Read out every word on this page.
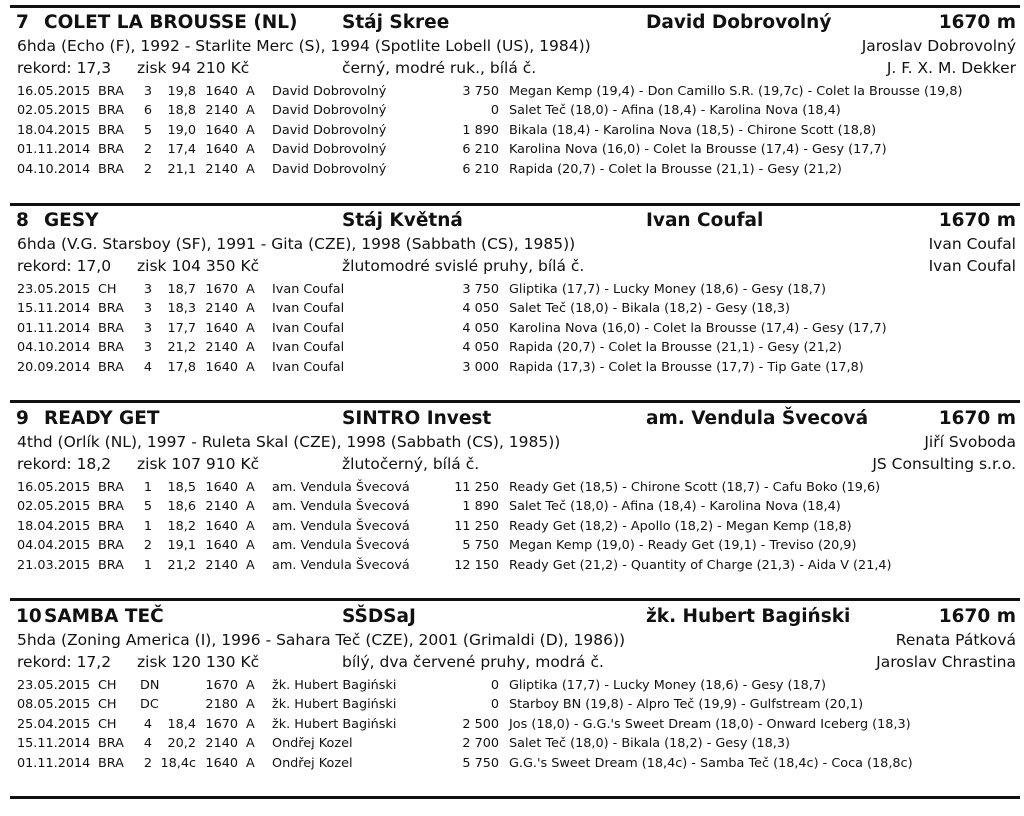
7 COLET LA BROUSSE (NL) Stáj Skree	David Dobrovolný	1670 m
6hda (Echo (F), 1992 - Starlite Merc (S), 1994 (Spotlite Lobell (US), 1984))	Jaroslav Dobrovolný
rekord: 17,3 zisk 94 210 Kč	černý, modré ruk., bílá č.	J. F. X. M. Dekker
16.05.2015 BRA	3	19,8 1640 A David Dobrovolný	3 750 Megan Kemp (19,4) - Don Camillo S.R. (19,7c) - Colet la Brousse (19,8)
02.05.2015 BRA	6	18,8 2140 A David Dobrovolný	0 Salet Teč (18,0) - Afina (18,4) - Karolina Nova (18,4)
18.04.2015 BRA	5	19,0 1640 A David Dobrovolný	1 890 Bikala (18,4) - Karolina Nova (18,5) - Chirone Scott (18,8)
01.11.2014 BRA	2	17,4 1640 A David Dobrovolný	6 210 Karolina Nova (16,0) - Colet la Brousse (17,4) - Gesy (17,7)
04.10.2014 BRA	2	21,1 2140 A David Dobrovolný	6 210 Rapida (20,7) - Colet la Brousse (21,1) - Gesy (21,2)
8 GESY	Stáj Květná	Ivan Coufal	1670 m
6hda (V.G. Starsboy (SF), 1991 - Gita (CZE), 1998 (Sabbath (CS), 1985))	Ivan Coufal
rekord: 17,0 zisk 104 350 Kč	žlutomodré svislé pruhy, bílá č.	Ivan Coufal
23.05.2015 CH	3	18,7 1670 A Ivan Coufal	3 750 Gliptika (17,7) - Lucky Money (18,6) - Gesy (18,7)
15.11.2014 BRA	3	18,3 2140 A Ivan Coufal	4 050 Salet Teč (18,0) - Bikala (18,2) - Gesy (18,3)
01.11.2014 BRA	3	17,7 1640 A Ivan Coufal	4 050 Karolina Nova (16,0) - Colet la Brousse (17,4) - Gesy (17,7)
04.10.2014 BRA	3	21,2 2140 A Ivan Coufal	4 050 Rapida (20,7) - Colet la Brousse (21,1) - Gesy (21,2)
20.09.2014 BRA	4	17,8 1640 A Ivan Coufal	3 000 Rapida (17,3) - Colet la Brousse (17,7) - Tip Gate (17,8)
9 READY GET	SINTRO Invest	am. Vendula Švecová	1670 m
4thd (Orlík (NL), 1997 - Ruleta Skal (CZE), 1998 (Sabbath (CS), 1985))	Jiří Svoboda
rekord: 18,2 zisk 107 910 Kč	žlutočerný, bílá č.	JS Consulting s.r.o.
16.05.2015 BRA	1	18,5 1640 A am. Vendula Švecová	11 250 Ready Get (18,5) - Chirone Scott (18,7) - Cafu Boko (19,6)
02.05.2015 BRA	5	18,6 2140 A am. Vendula Švecová	1 890 Salet Teč (18,0) - Afina (18,4) - Karolina Nova (18,4)
18.04.2015 BRA	1	18,2 1640 A am. Vendula Švecová	11 250 Ready Get (18,2) - Apollo (18,2) - Megan Kemp (18,8)
04.04.2015 BRA	2	19,1 1640 A am. Vendula Švecová	5 750 Megan Kemp (19,0) - Ready Get (19,1) - Treviso (20,9)
21.03.2015 BRA	1	21,2 2140 A am. Vendula Švecová	12 150 Ready Get (21,2) - Quantity of Charge (21,3) - Aida V (21,4)
10 SAMBA TEČ	SŠDSaJ	žk. Hubert Bagiński	1670 m
5hda (Zoning America (I), 1996 - Sahara Teč (CZE), 2001 (Grimaldi (D), 1986))	Renata Pátková
rekord: 17,2 zisk 120 130 Kč	bílý, dva červené pruhy, modrá č.	Jaroslav Chrastina
23.05.2015 CH DN	1670 A žk. Hubert Bagiński	0 Gliptika (17,7) - Lucky Money (18,6) - Gesy (18,7)
08.05.2015 CH DC	2180 A žk. Hubert Bagiński	0 Starboy BN (19,8) - Alpro Teč (19,9) - Gulfstream (20,1)
25.04.2015 CH	4	18,4 1670 A žk. Hubert Bagiński	2 500 Jos (18,0) - G.G.'s Sweet Dream (18,0) - Onward Iceberg (18,3)
15.11.2014 BRA	4	20,2 2140 A Ondřej Kozel	2 700 Salet Teč (18,0) - Bikala (18,2) - Gesy (18,3)
01.11.2014 BRA	2 18,4c 1640 A Ondřej Kozel	5 750 G.G.'s Sweet Dream (18,4c) - Samba Teč (18,4c) - Coca (18,8c)
